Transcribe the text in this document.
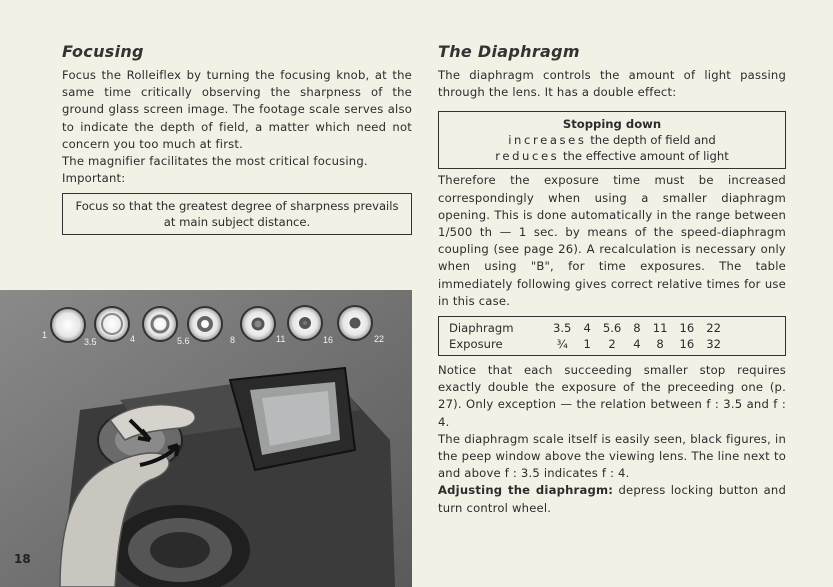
Focusing

Focus the Rolleiflex by turning the focusing knob, at the same time critically observing the sharpness of the ground glass screen image. The footage scale serves also to indicate the depth of field, a matter which need not concern you too much at first.

The magnifier facilitates the most critical focusing.

Important:

Focus so that the greatest degree of sharpness prevails at main subject distance.
1
3.5	4	5.6	8	11	16	22
18
The Diaphragm

The diaphragm controls the amount of light passing through the lens. It has a double effect:

Stopping down
increases the depth of field and
reduces the effective amount of light

Therefore the exposure time must be increased correspondingly when using a smaller diaphragm opening. This is done automatically in the range between 1/500 th — 1 sec. by means of the speed-diaphragm coupling (see page 26). A recalculation is necessary only when using "B", for time exposures. The table immediately following gives correct relative times for use in this case.

Diaphragm	3.5	4	5.6	8	11	16	22
Exposure	¾	1	2	4	8	16	32

Notice that each succeeding smaller stop requires exactly double the exposure of the preceeding one (p. 27). Only exception — the relation between f : 3.5 and f : 4.

The diaphragm scale itself is easily seen, black figures, in the peep window above the viewing lens. The line next to and above f : 3.5 indicates f : 4.

Adjusting the diaphragm: depress locking button and turn control wheel.
